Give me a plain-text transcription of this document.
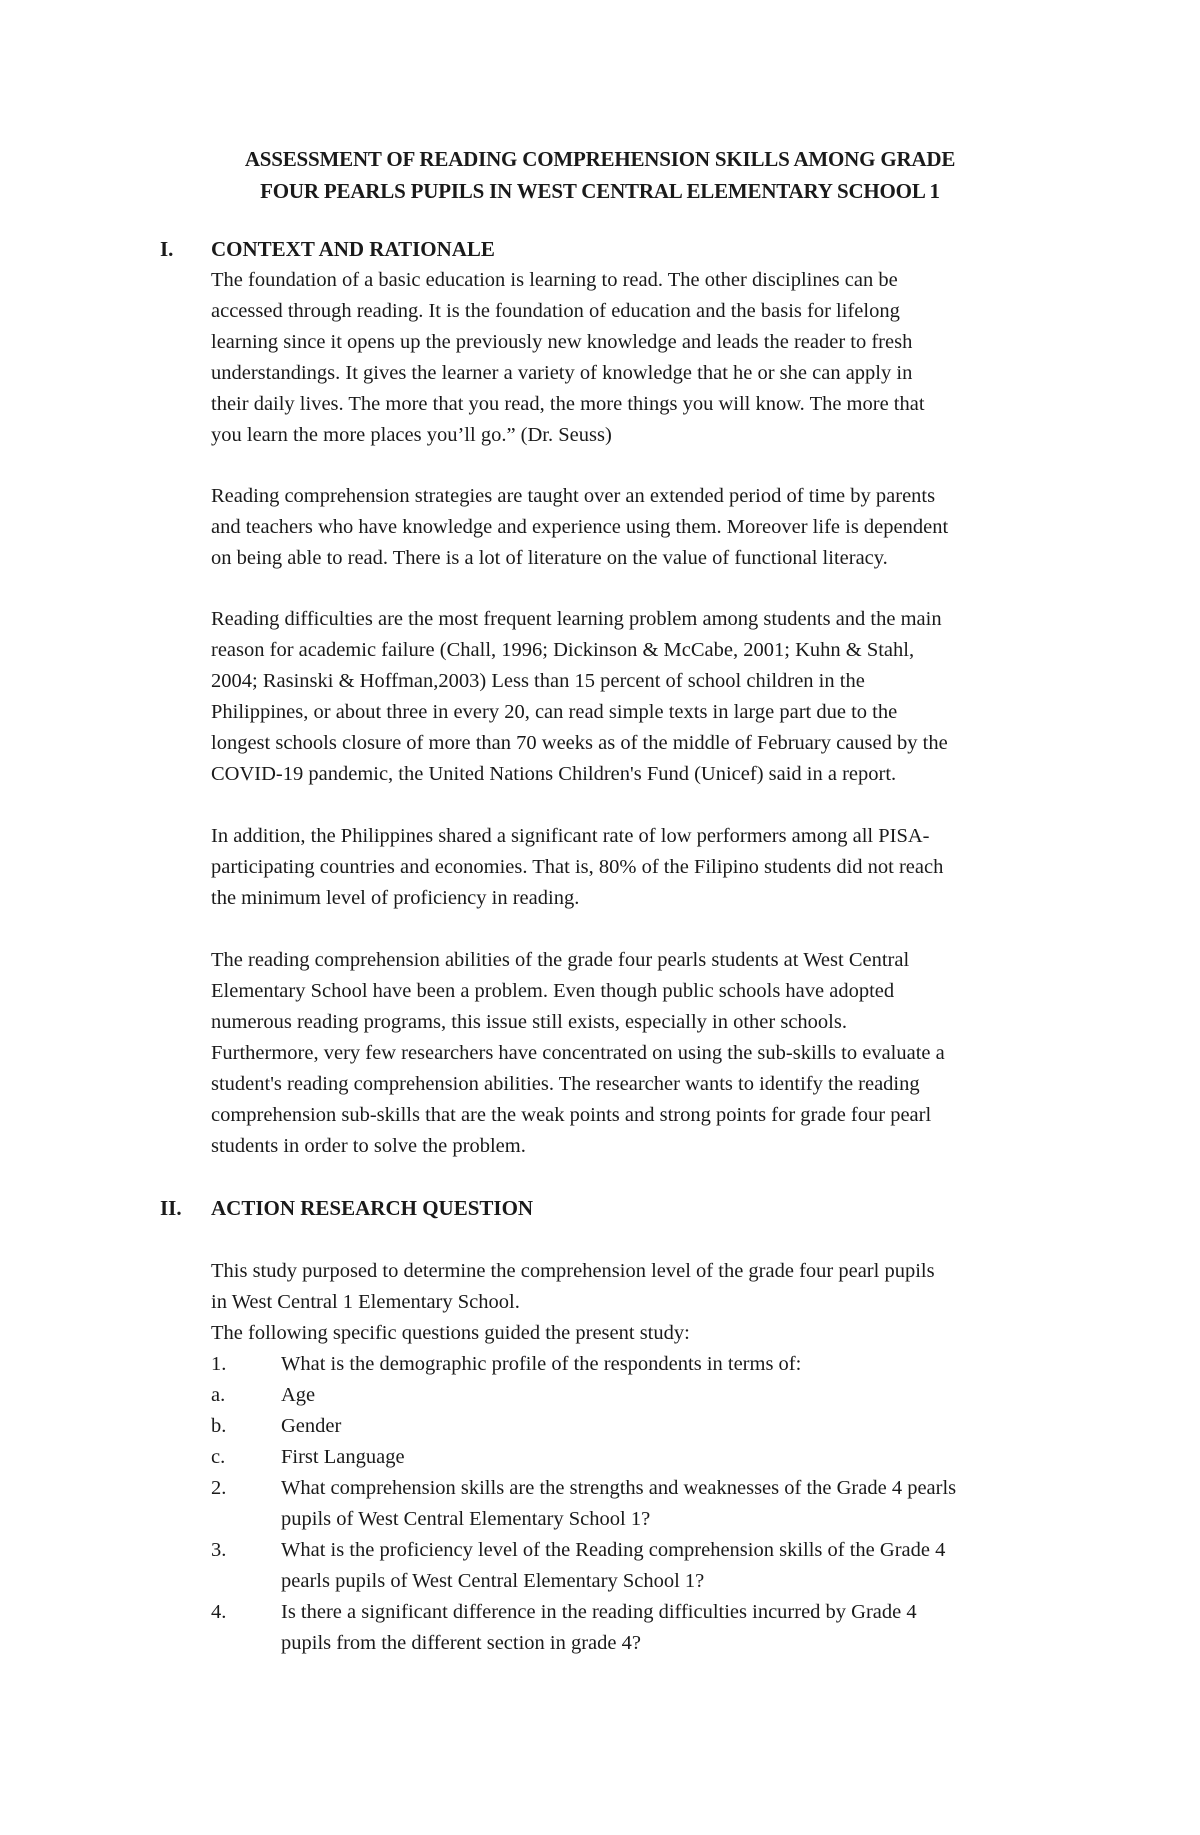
ASSESSMENT OF READING COMPREHENSION SKILLS AMONG GRADE
FOUR PEARLS PUPILS IN WEST CENTRAL ELEMENTARY SCHOOL 1
I. CONTEXT AND RATIONALE
The foundation of a basic education is learning to read. The other disciplines can be
accessed through reading. It is the foundation of education and the basis for lifelong
learning since it opens up the previously new knowledge and leads the reader to fresh
understandings. It gives the learner a variety of knowledge that he or she can apply in
their daily lives. The more that you read, the more things you will know. The more that
you learn the more places you’ll go.” (Dr. Seuss)
Reading comprehension strategies are taught over an extended period of time by parents
and teachers who have knowledge and experience using them. Moreover life is dependent
on being able to read. There is a lot of literature on the value of functional literacy.
Reading difficulties are the most frequent learning problem among students and the main
reason for academic failure (Chall, 1996; Dickinson & McCabe, 2001; Kuhn & Stahl,
2004; Rasinski & Hoffman,2003) Less than 15 percent of school children in the
Philippines, or about three in every 20, can read simple texts in large part due to the
longest schools closure of more than 70 weeks as of the middle of February caused by the
COVID-19 pandemic, the United Nations Children's Fund (Unicef) said in a report.
In addition, the Philippines shared a significant rate of low performers among all PISA-
participating countries and economies. That is, 80% of the Filipino students did not reach
the minimum level of proficiency in reading.
The reading comprehension abilities of the grade four pearls students at West Central
Elementary School have been a problem. Even though public schools have adopted
numerous reading programs, this issue still exists, especially in other schools.
Furthermore, very few researchers have concentrated on using the sub-skills to evaluate a
student's reading comprehension abilities. The researcher wants to identify the reading
comprehension sub-skills that are the weak points and strong points for grade four pearl
students in order to solve the problem.
II. ACTION RESEARCH QUESTION
This study purposed to determine the comprehension level of the grade four pearl pupils
in West Central 1 Elementary School.
The following specific questions guided the present study:
1.	What is the demographic profile of the respondents in terms of:
a.	Age
b.	Gender
c.	First Language
2.	What comprehension skills are the strengths and weaknesses of the Grade 4 pearls
pupils of West Central Elementary School 1?
3.	What is the proficiency level of the Reading comprehension skills of the Grade 4
pearls pupils of West Central Elementary School 1?
4.	Is there a significant difference in the reading difficulties incurred by Grade 4
pupils from the different section in grade 4?
